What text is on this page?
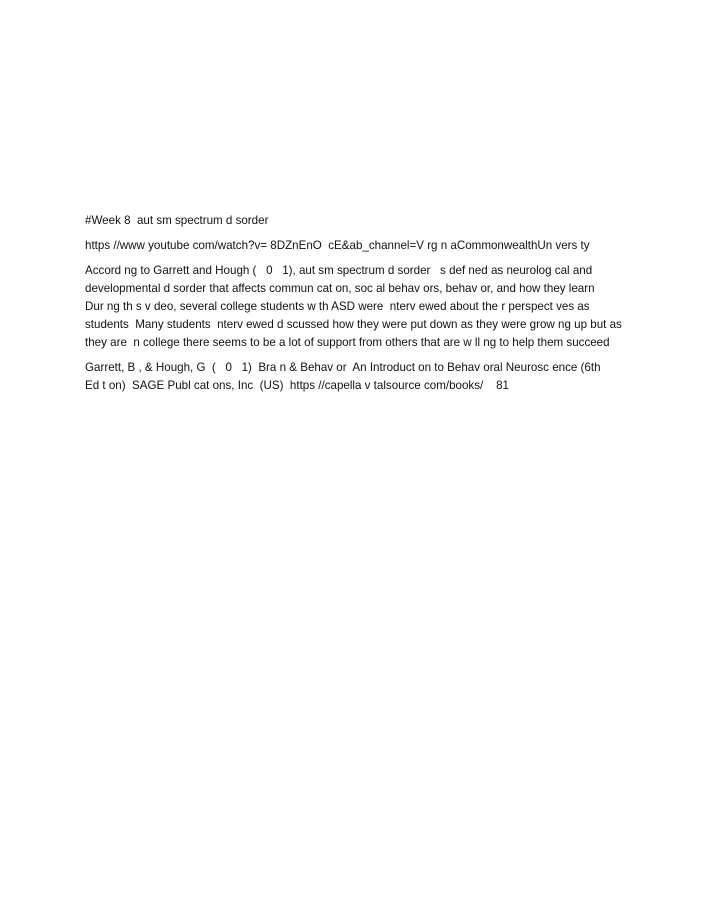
#Week 8  aut sm spectrum d sorder

https //www youtube com/watch?v= 8DZnEnO  cE&ab_channel=V rg n aCommonwealthUn vers ty

Accord ng to Garrett and Hough (   0   1), aut sm spectrum d sorder   s def ned as neurolog cal and
developmental d sorder that affects commun cat on, soc al behav ors, behav or, and how they learn
Dur ng th s v deo, several college students w th ASD were  nterv ewed about the r perspect ves as
students  Many students  nterv ewed d scussed how they were put down as they were grow ng up but as
they are  n college there seems to be a lot of support from others that are w ll ng to help them succeed

Garrett, B , & Hough, G  (   0   1)  Bra n & Behav or  An Introduct on to Behav oral Neurosc ence (6th
Ed t on)  SAGE Publ cat ons, Inc  (US)  https //capella v talsource com/books/    81
